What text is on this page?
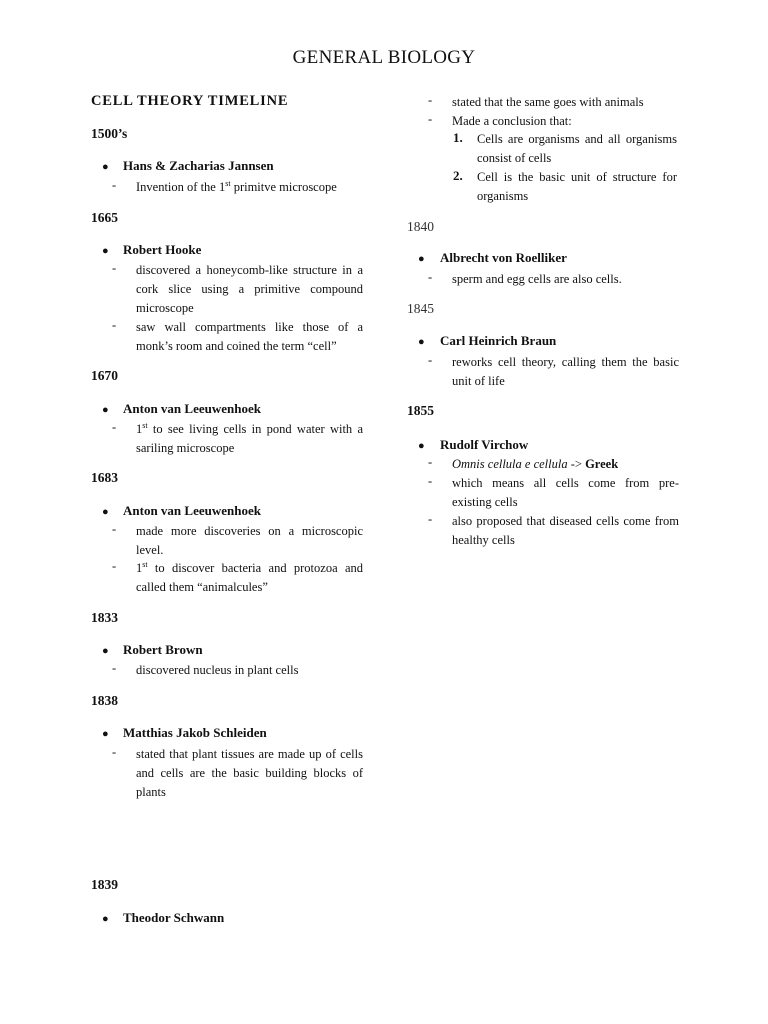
GENERAL BIOLOGY
CELL THEORY TIMELINE
1500’s
● Hans & Zacharias Jannsen
- Invention of the 1st primitve microscope
1665
● Robert Hooke
- discovered a honeycomb-like structure in a cork slice using a primitive compound microscope
- saw wall compartments like those of a monk’s room and coined the term “cell”
1670
● Anton van Leeuwenhoek
- 1st to see living cells in pond water with a sariling microscope
1683
● Anton van Leeuwenhoek
- made more discoveries on a microscopic level.
- 1st to discover bacteria and protozoa and called them “animalcules”
1833
● Robert Brown
- discovered nucleus in plant cells
1838
● Matthias Jakob Schleiden
- stated that plant tissues are made up of cells and cells are the basic building blocks of plants
1839
● Theodor Schwann
- stated that the same goes with animals
- Made a conclusion that:
1. Cells are organisms and all organisms consist of cells
2. Cell is the basic unit of structure for organisms
1840
● Albrecht von Roelliker
- sperm and egg cells are also cells.
1845
● Carl Heinrich Braun
- reworks cell theory, calling them the basic unit of life
1855
● Rudolf Virchow
- Omnis cellula e cellula -> Greek
- which means all cells come from pre-existing cells
- also proposed that diseased cells come from healthy cells
